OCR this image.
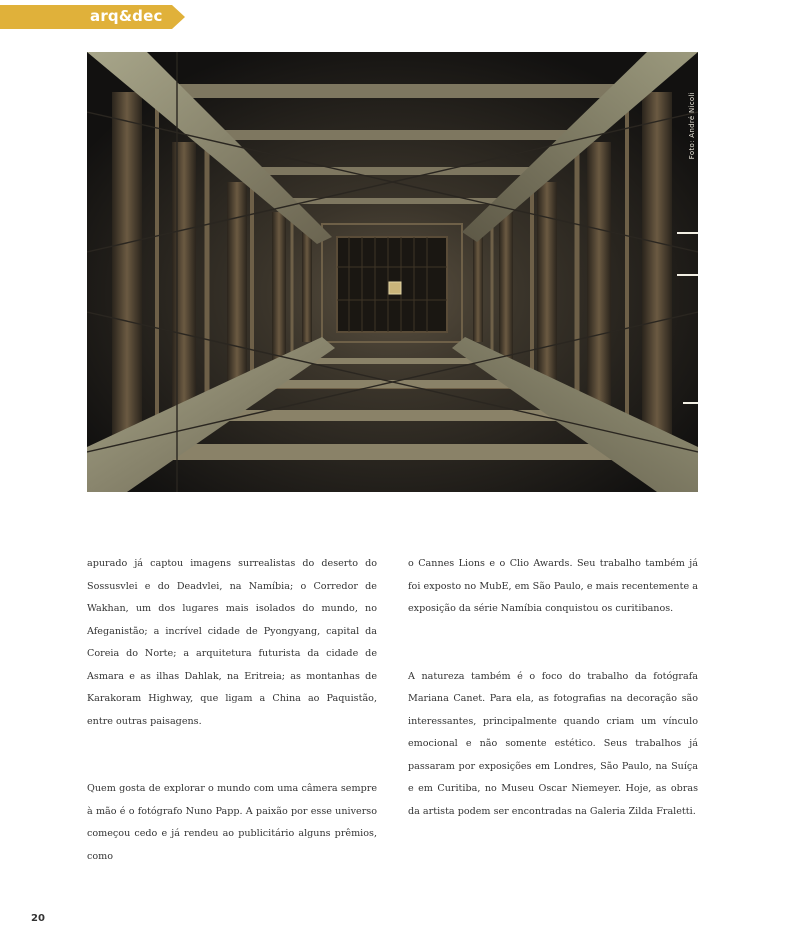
arq&dec
Foto: André Nicoli

apurado já captou imagens surrealistas do deserto do Sossusvlei e do Deadvlei, na Namíbia; o Corredor de Wakhan, um dos lugares mais isolados do mundo, no Afeganistão; a incrível cidade de Pyongyang, capital da Coreia do Norte; a arquitetura futurista da cidade de Asmara e as ilhas Dahlak, na Eritreia; as montanhas de Karakoram Highway, que ligam a China ao Paquistão, entre outras paisagens.

Quem gosta de explorar o mundo com uma câmera sempre à mão é o fotógrafo Nuno Papp. A paixão por esse universo começou cedo e já rendeu ao publicitário alguns prêmios, como

o Cannes Lions e o Clio Awards. Seu trabalho também já foi exposto no MubE, em São Paulo, e mais recentemente a exposição da série Namíbia conquistou os curitibanos.

A natureza também é o foco do trabalho da fotógrafa Mariana Canet. Para ela, as fotografias na decoração são interessantes, principalmente quando criam um vínculo emocional e não somente estético. Seus trabalhos já passaram por exposições em Londres, São Paulo, na Suíça e em Curitiba, no Museu Oscar Niemeyer. Hoje, as obras da artista podem ser encontradas na Galeria Zilda Fraletti.

20
